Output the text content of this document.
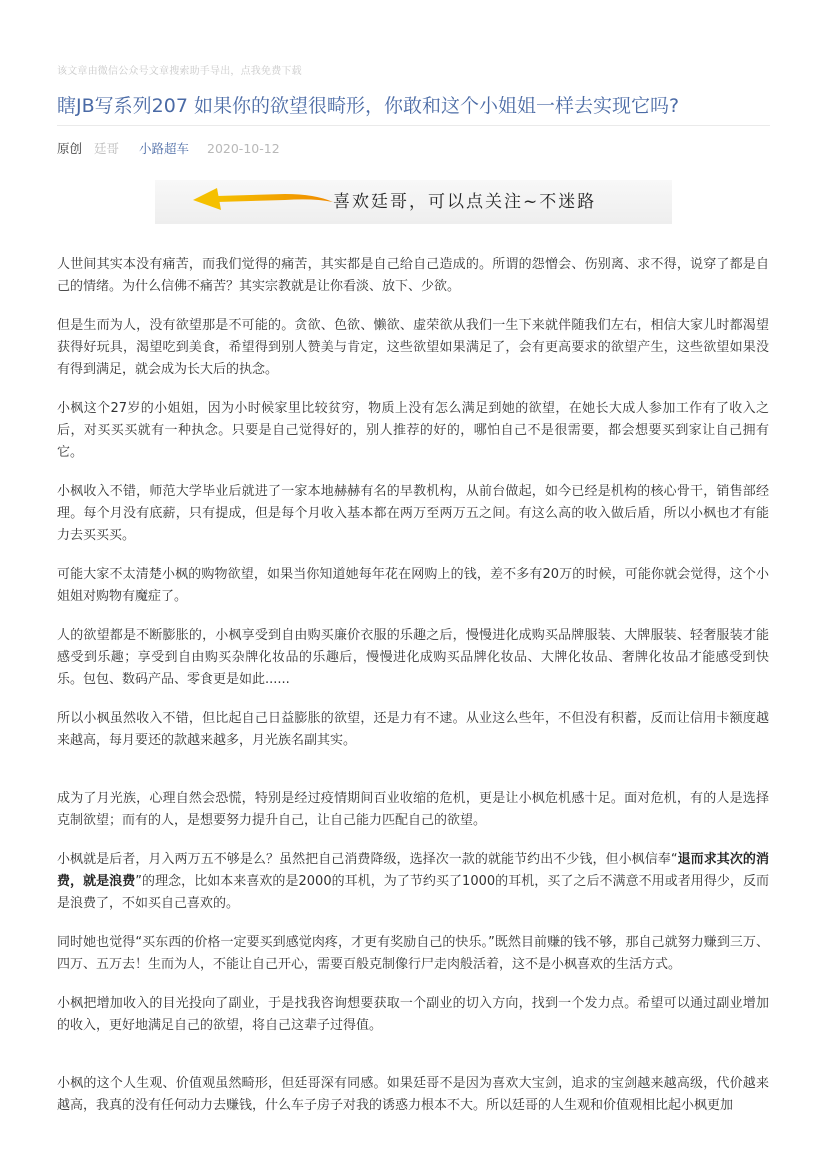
该文章由微信公众号文章搜索助手导出，点我免费下载
瞎JB写系列207 如果你的欲望很畸形，你敢和这个小姐姐一样去实现它吗?
原创 廷哥 小路超车 2020-10-12
喜欢廷哥，可以点关注~不迷路

人世间其实本没有痛苦，而我们觉得的痛苦，其实都是自己给自己造成的。所谓的怨憎会、伤别离、求不得，说穿了都是自己的情绪。为什么信佛不痛苦？其实宗教就是让你看淡、放下、少欲。

但是生而为人，没有欲望那是不可能的。贪欲、色欲、懒欲、虚荣欲从我们一生下来就伴随我们左右，相信大家儿时都渴望获得好玩具，渴望吃到美食，希望得到别人赞美与肯定，这些欲望如果满足了，会有更高要求的欲望产生，这些欲望如果没有得到满足，就会成为长大后的执念。

小枫这个27岁的小姐姐，因为小时候家里比较贫穷，物质上没有怎么满足到她的欲望，在她长大成人参加工作有了收入之后，对买买买就有一种执念。只要是自己觉得好的，别人推荐的好的，哪怕自己不是很需要，都会想要买到家让自己拥有它。

小枫收入不错，师范大学毕业后就进了一家本地赫赫有名的早教机构，从前台做起，如今已经是机构的核心骨干，销售部经理。每个月没有底薪，只有提成，但是每个月收入基本都在两万至两万五之间。有这么高的收入做后盾，所以小枫也才有能力去买买买。

可能大家不太清楚小枫的购物欲望，如果当你知道她每年花在网购上的钱，差不多有20万的时候，可能你就会觉得，这个小姐姐对购物有魔症了。

人的欲望都是不断膨胀的，小枫享受到自由购买廉价衣服的乐趣之后，慢慢进化成购买品牌服装、大牌服装、轻奢服装才能感受到乐趣；享受到自由购买杂牌化妆品的乐趣后，慢慢进化成购买品牌化妆品、大牌化妆品、奢牌化妆品才能感受到快乐。包包、数码产品、零食更是如此......

所以小枫虽然收入不错，但比起自己日益膨胀的欲望，还是力有不逮。从业这么些年，不但没有积蓄，反而让信用卡额度越来越高，每月要还的款越来越多，月光族名副其实。

成为了月光族，心理自然会恐慌，特别是经过疫情期间百业收缩的危机，更是让小枫危机感十足。面对危机，有的人是选择克制欲望；而有的人，是想要努力提升自己，让自己能力匹配自己的欲望。

小枫就是后者，月入两万五不够是么？虽然把自己消费降级，选择次一款的就能节约出不少钱，但小枫信奉“退而求其次的消费，就是浪费”的理念，比如本来喜欢的是2000的耳机，为了节约买了1000的耳机，买了之后不满意不用或者用得少，反而是浪费了，不如买自己喜欢的。

同时她也觉得“买东西的价格一定要买到感觉肉疼，才更有奖励自己的快乐。”既然目前赚的钱不够，那自己就努力赚到三万、四万、五万去！生而为人，不能让自己开心，需要百般克制像行尸走肉般活着，这不是小枫喜欢的生活方式。

小枫把增加收入的目光投向了副业，于是找我咨询想要获取一个副业的切入方向，找到一个发力点。希望可以通过副业增加的收入，更好地满足自己的欲望，将自己这辈子过得值。

小枫的这个人生观、价值观虽然畸形，但廷哥深有同感。如果廷哥不是因为喜欢大宝剑，追求的宝剑越来越高级，代价越来越高，我真的没有任何动力去赚钱，什么车子房子对我的诱惑力根本不大。所以廷哥的人生观和价值观相比起小枫更加
